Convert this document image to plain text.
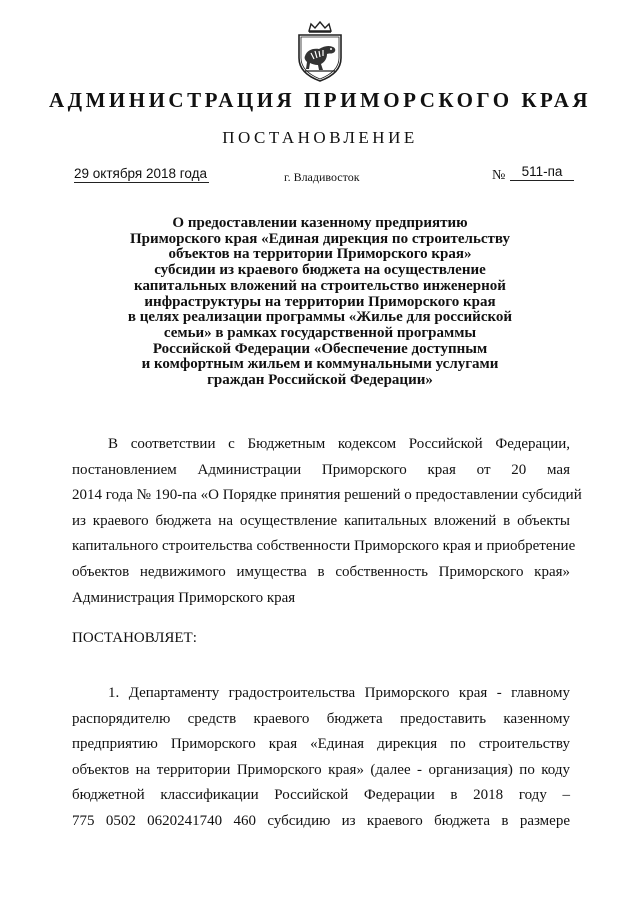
АДМИНИСТРАЦИЯ ПРИМОРСКОГО КРАЯ
ПОСТАНОВЛЕНИЕ
29 октября 2018 года	г. Владивосток	№	511-па
О предоставлении казенному предприятию
Приморского края «Единая дирекция по строительству
объектов на территории Приморского края»
субсидии из краевого бюджета на осуществление
капитальных вложений на строительство инженерной
инфраструктуры на территории Приморского края
в целях реализации программы «Жилье для российской
семьи» в рамках государственной программы
Российской Федерации «Обеспечение доступным
и комфортным жильем и коммунальными услугами
граждан Российской Федерации»
В соответствии с Бюджетным кодексом Российской Федерации,
постановлением Администрации Приморского края от 20 мая
2014 года № 190-па «О Порядке принятия решений о предоставлении субсидий
из краевого бюджета на осуществление капитальных вложений в объекты
капитального строительства собственности Приморского края и приобретение
объектов недвижимого имущества в собственность Приморского края»
Администрация Приморского края
ПОСТАНОВЛЯЕТ:
1. Департаменту градостроительства Приморского края - главному
распорядителю средств краевого бюджета предоставить казенному
предприятию Приморского края «Единая дирекция по строительству
объектов на территории Приморского края» (далее - организация) по коду
бюджетной классификации Российской Федерации в 2018 году –
775 0502 0620241740 460 субсидию из краевого бюджета в размере
